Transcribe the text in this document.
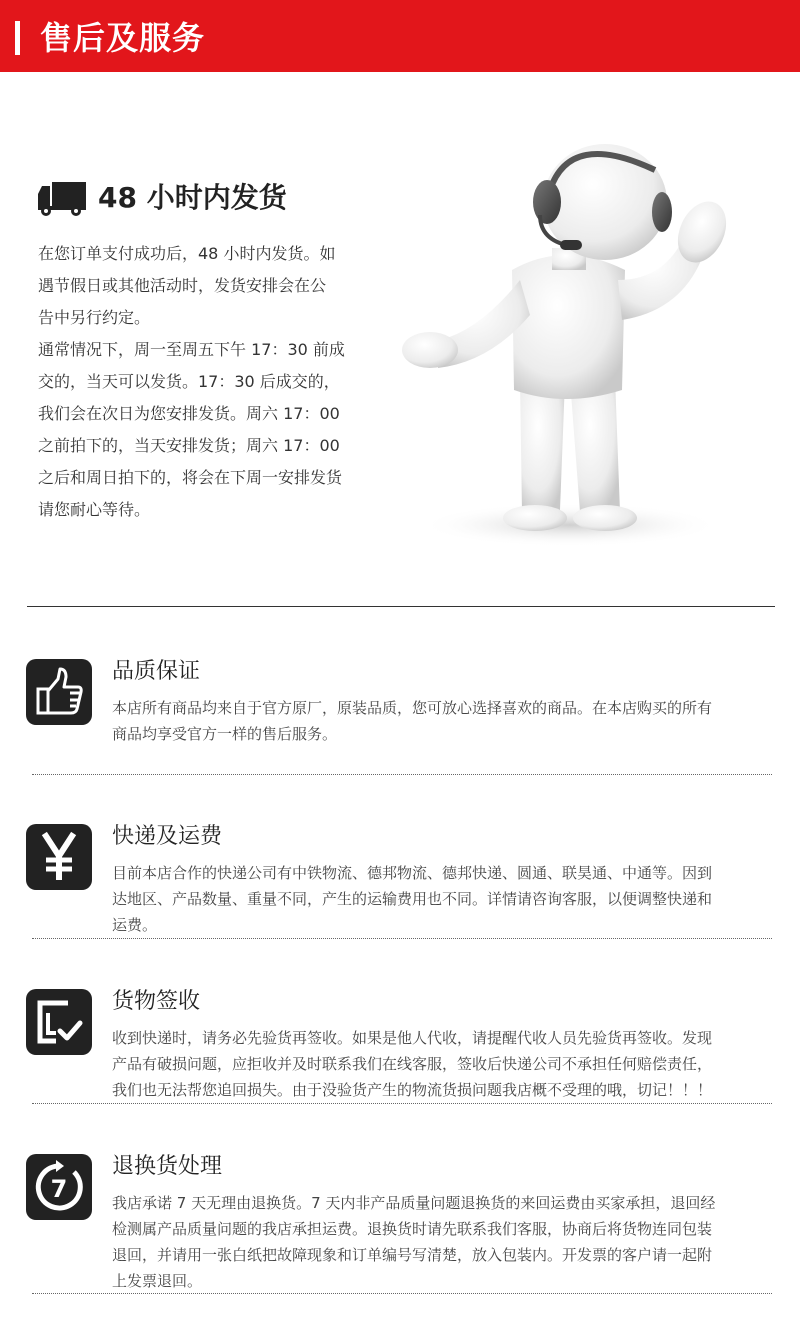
售后及服务
48 小时内发货

在您订单支付成功后，48 小时内发货。如

遇节假日或其他活动时，发货安排会在公

告中另行约定。

通常情况下，周一至周五下午 17：30 前成

交的，当天可以发货。17：30 后成交的，

我们会在次日为您安排发货。周六 17：00

之前拍下的，当天安排发货；周六 17：00

之后和周日拍下的，将会在下周一安排发货

请您耐心等待。

品质保证
本店所有商品均来自于官方原厂，原装品质，您可放心选择喜欢的商品。在本店购买的所有
商品均享受官方一样的售后服务。
快递及运费
目前本店合作的快递公司有中铁物流、德邦物流、德邦快递、圆通、联昊通、中通等。因到
达地区、产品数量、重量不同，产生的运输费用也不同。详情请咨询客服，以便调整快递和
运费。
货物签收
收到快递时，请务必先验货再签收。如果是他人代收，请提醒代收人员先验货再签收。发现
产品有破损问题，应拒收并及时联系我们在线客服，签收后快递公司不承担任何赔偿责任，
我们也无法帮您追回损失。由于没验货产生的物流货损问题我店概不受理的哦，切记！！！
7
退换货处理
我店承诺 7 天无理由退换货。7 天内非产品质量问题退换货的来回运费由买家承担，退回经
检测属产品质量问题的我店承担运费。退换货时请先联系我们客服，协商后将货物连同包装
退回，并请用一张白纸把故障现象和订单编号写清楚，放入包装内。开发票的客户请一起附
上发票退回。
